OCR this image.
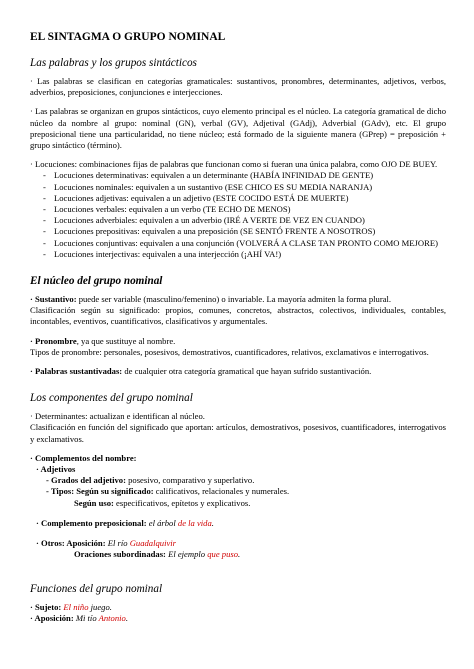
EL SINTAGMA O GRUPO NOMINAL
Las palabras y los grupos sintácticos
· Las palabras se clasifican en categorías gramaticales: sustantivos, pronombres, determinantes, adjetivos, verbos, adverbios, preposiciones, conjunciones e interjecciones.
· Las palabras se organizan en grupos sintácticos, cuyo elemento principal es el núcleo. La categoría gramatical de dicho núcleo da nombre al grupo: nominal (GN), verbal (GV), Adjetival (GAdj), Adverbial (GAdv), etc. El grupo preposicional tiene una particularidad, no tiene núcleo; está formado de la siguiente manera (GPrep) = preposición + grupo sintáctico (término).
· Locuciones: combinaciones fijas de palabras que funcionan como si fueran una única palabra, como OJO DE BUEY.
- Locuciones determinativas: equivalen a un determinante (HABÍA INFINIDAD DE GENTE)
- Locuciones nominales: equivalen a un sustantivo (ESE CHICO ES SU MEDIA NARANJA)
- Locuciones adjetivas: equivalen a un adjetivo (ESTE COCIDO ESTÁ DE MUERTE)
- Locuciones verbales: equivalen a un verbo (TE ECHO DE MENOS)
- Locuciones adverbiales: equivalen a un adverbio (IRÉ A VERTE DE VEZ EN CUANDO)
- Locuciones prepositivas: equivalen a una preposición (SE SENTÓ FRENTE A NOSOTROS)
- Locuciones conjuntivas: equivalen a una conjunción (VOLVERÁ A CLASE TAN PRONTO COMO MEJORE)
- Locuciones interjectivas: equivalen a una interjección (¡AHÍ VA!)
El núcleo del grupo nominal
· Sustantivo: puede ser variable (masculino/femenino) o invariable. La mayoría admiten la forma plural.
Clasificación según su significado: propios, comunes, concretos, abstractos, colectivos, individuales, contables, incontables, eventivos, cuantificativos, clasificativos y argumentales.
· Pronombre, ya que sustituye al nombre.
Tipos de pronombre: personales, posesivos, demostrativos, cuantificadores, relativos, exclamativos e interrogativos.
· Palabras sustantivadas: de cualquier otra categoría gramatical que hayan sufrido sustantivación.
Los componentes del grupo nominal
· Determinantes: actualizan e identifican al núcleo.
Clasificación en función del significado que aportan: artículos, demostrativos, posesivos, cuantificadores, interrogativos y exclamativos.
· Complementos del nombre:
· Adjetivos
- Grados del adjetivo: posesivo, comparativo y superlativo.
- Tipos: Según su significado: calificativos, relacionales y numerales.
Según uso: especificativos, epítetos y explicativos.
· Complemento preposicional: el árbol de la vida.
· Otros: Aposición: El río Guadalquivir
Oraciones subordinadas: El ejemplo que puso.
Funciones del grupo nominal
· Sujeto: El niño juego.
· Aposición: Mi tío Antonio.
